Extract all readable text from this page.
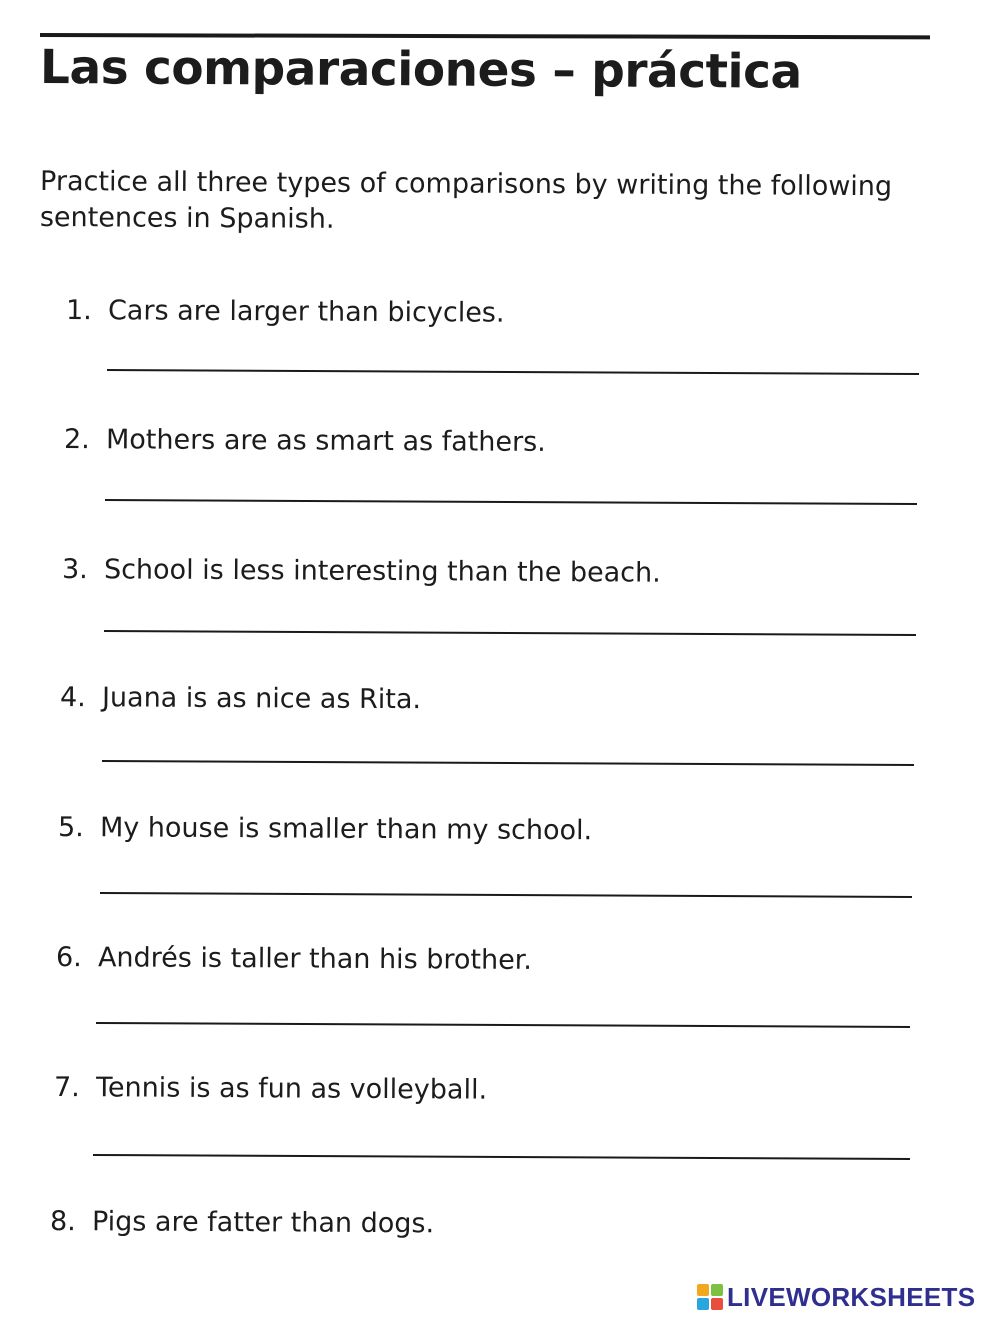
Las comparaciones – práctica
Practice all three types of comparisons by writing the following sentences in Spanish.
1. Cars are larger than bicycles.
2. Mothers are as smart as fathers.
3. School is less interesting than the beach.
4. Juana is as nice as Rita.
5. My house is smaller than my school.
6. Andrés is taller than his brother.
7. Tennis is as fun as volleyball.
8. Pigs are fatter than dogs.
LIVEWORKSHEETS
